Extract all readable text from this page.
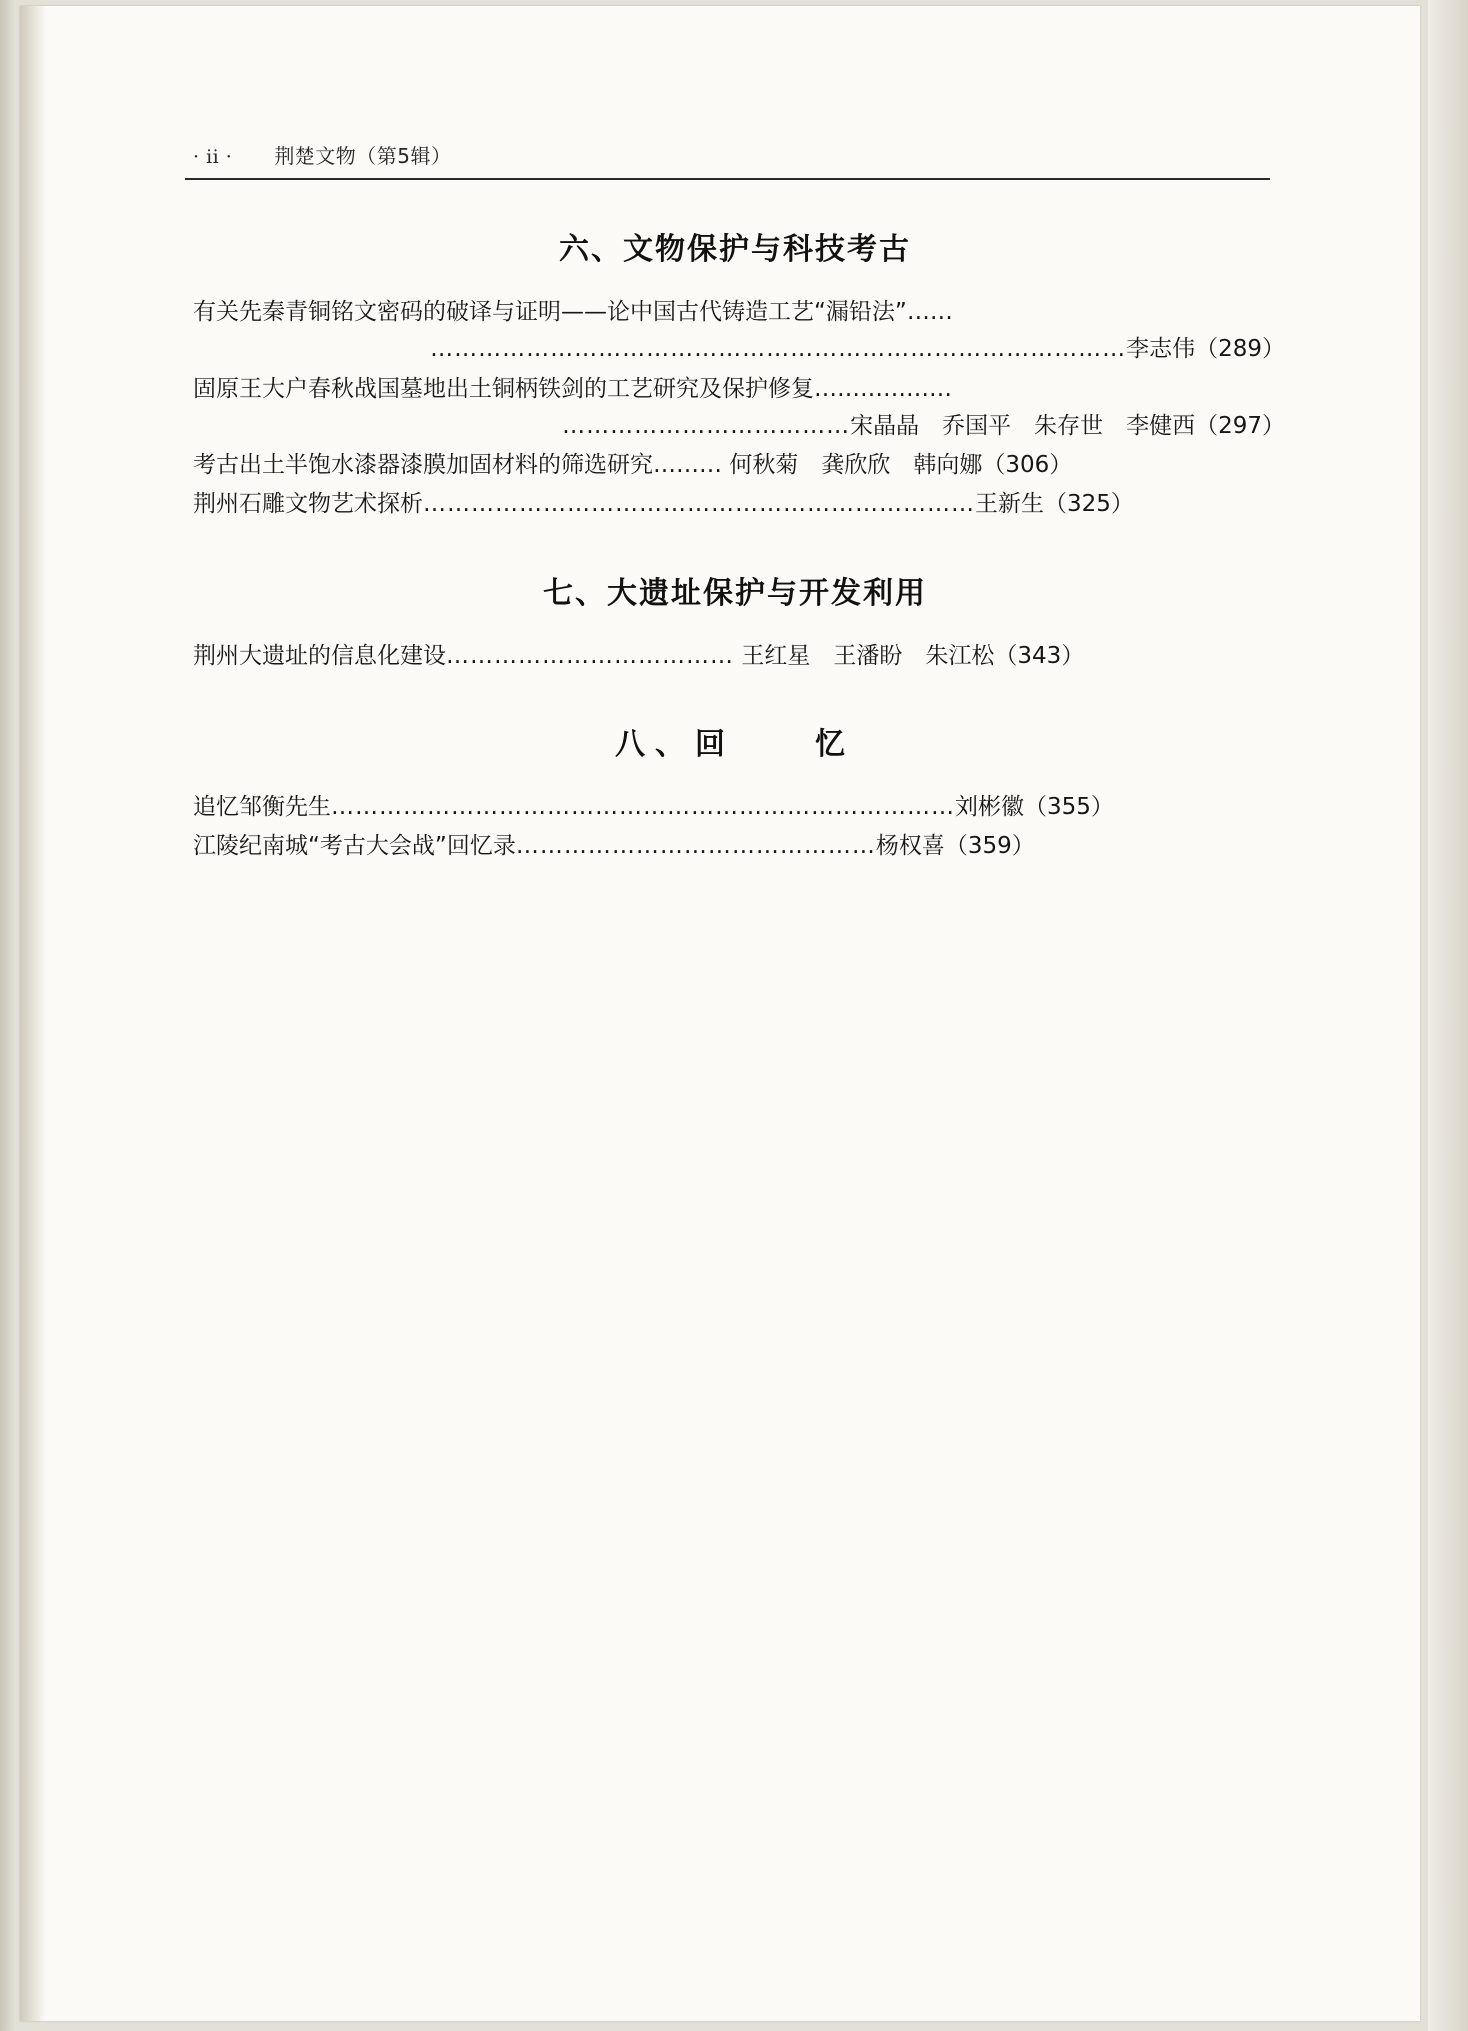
· ii · 荆楚文物（第5辑）
六、文物保护与科技考古
有关先秦青铜铭文密码的破译与证明——论中国古代铸造工艺“漏铅法”……
……………………………………………………………………………李志伟（289）
固原王大户春秋战国墓地出土铜柄铁剑的工艺研究及保护修复………………
………………………………宋晶晶　乔国平　朱存世　李健西（297）
考古出土半饱水漆器漆膜加固材料的筛选研究……… 何秋菊　龚欣欣　韩向娜（306）
荆州石雕文物艺术探析……………………………………………………………王新生（325）
七、大遗址保护与开发利用
荆州大遗址的信息化建设……………………………… 王红星　王潘盼　朱江松（343）
八、回　　忆
追忆邹衡先生……………………………………………………………………刘彬徽（355）
江陵纪南城“考古大会战”回忆录………………………………………杨权喜（359）
